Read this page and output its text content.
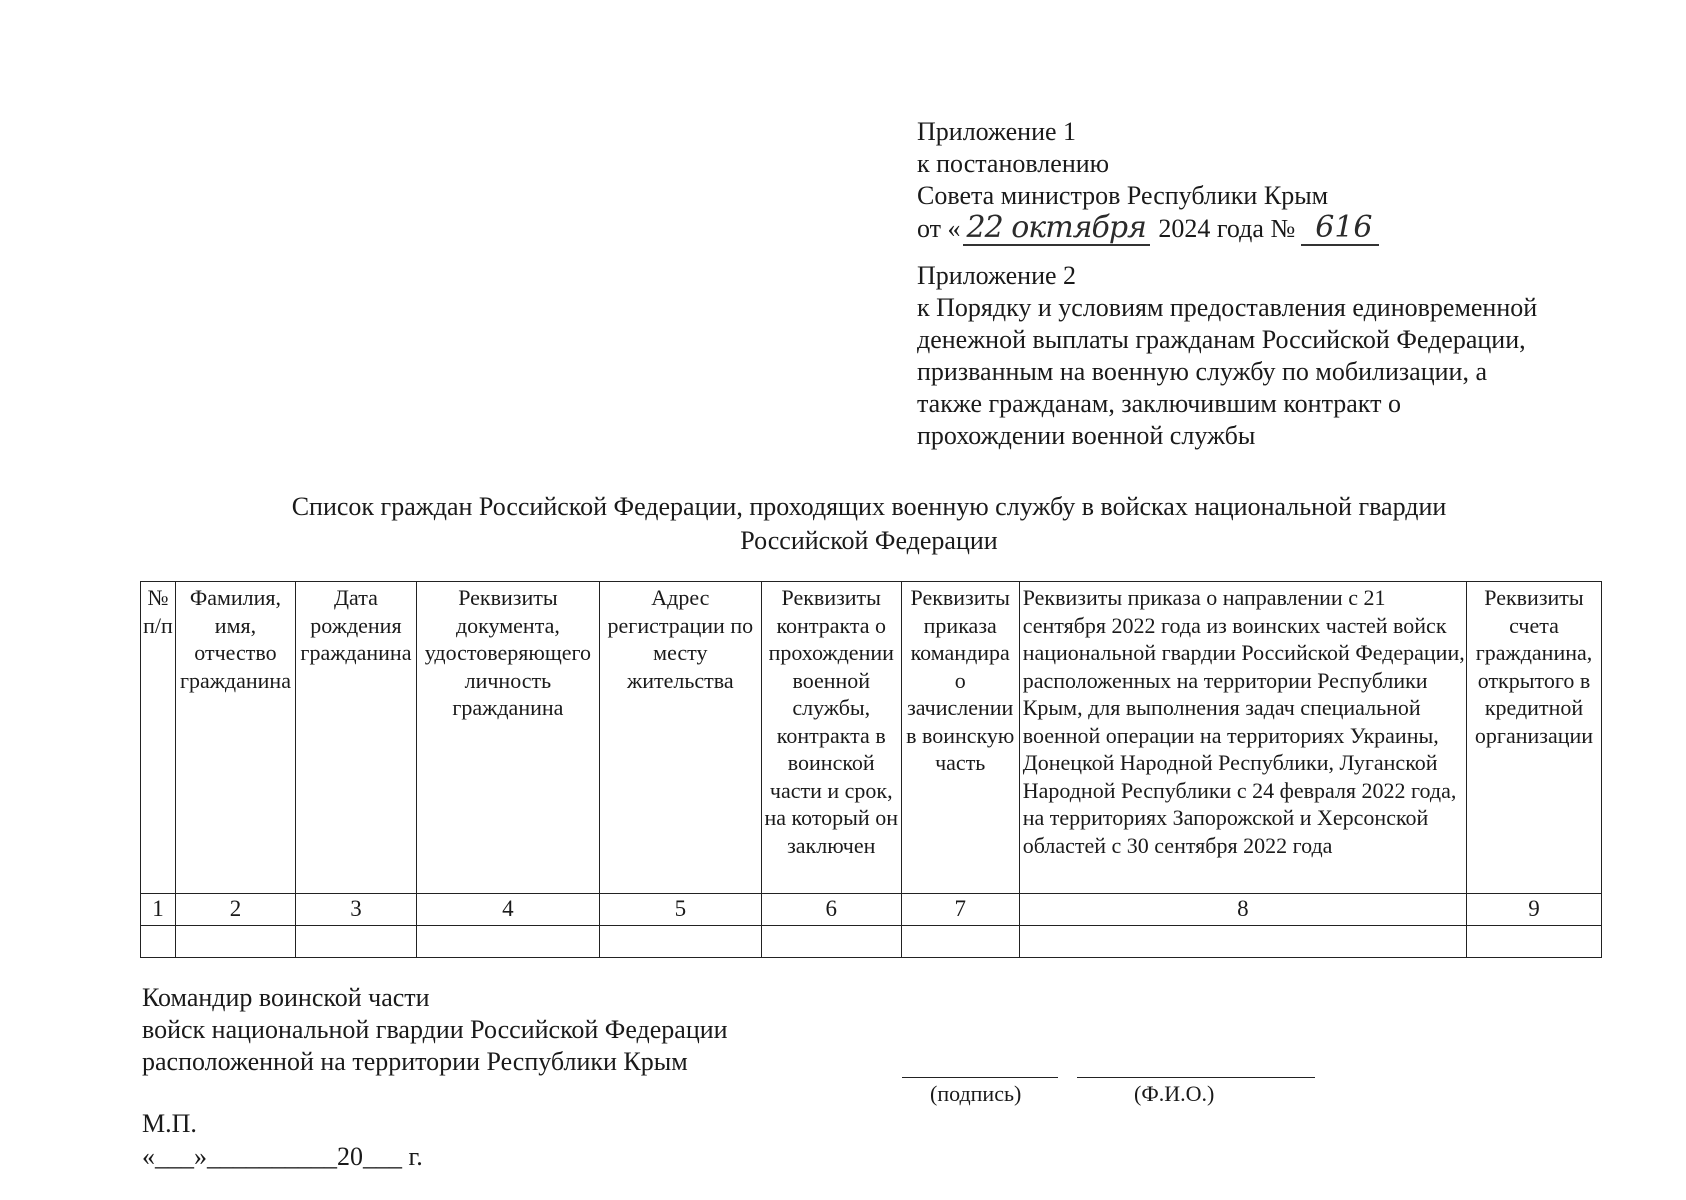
Приложение 1
к постановлению
Совета министров Республики Крым
от « 22 октября 2024 года № 616
Приложение 2
к Порядку и условиям предоставления единовременной
денежной выплаты гражданам Российской Федерации,
призванным на военную службу по мобилизации, а
также гражданам, заключившим контракт о
прохождении военной службы
Список граждан Российской Федерации, проходящих военную службу в войсках национальной гвардии
Российской Федерации
№ п/п	Фамилия, имя, отчество гражданина	Дата рождения гражданина	Реквизиты документа, удостоверяющего личность гражданина	Адрес регистрации по месту жительства	Реквизиты контракта о прохождении военной службы, контракта в воинской части и срок, на который он заключен	Реквизиты приказа командира о зачислении в воинскую часть	Реквизиты приказа о направлении с 21 сентября 2022 года из воинских частей войск национальной гвардии Российской Федерации, расположенных на территории Республики Крым, для выполнения задач специальной военной операции на территориях Украины, Донецкой Народной Республики, Луганской Народной Республики с 24 февраля 2022 года, на территориях Запорожской и Херсонской областей с 30 сентября 2022 года	Реквизиты счета гражданина, открытого в кредитной организации
1	2	3	4	5	6	7	8	9

Командир воинской части
войск национальной гвардии Российской Федерации
расположенной на территории Республики Крым
(подпись)	(Ф.И.О.)
М.П.
«___»__________20___ г.
